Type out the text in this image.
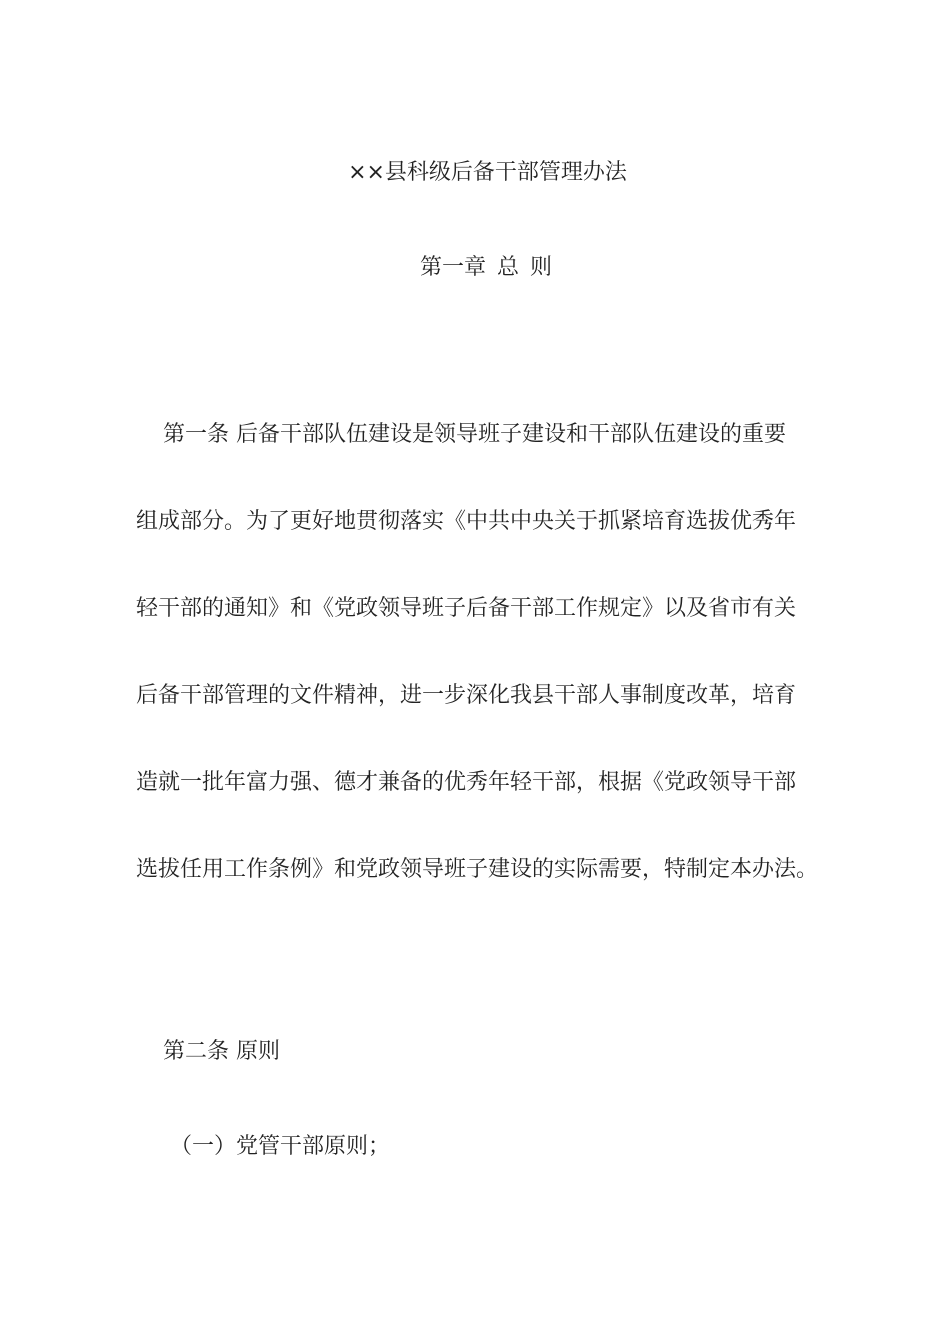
××县科级后备干部管理办法
第一章 总 则

第一条 后备干部队伍建设是领导班子建设和干部队伍建设的重要

组成部分。为了更好地贯彻落实《中共中央关于抓紧培育选拔优秀年

轻干部的通知》和《党政领导班子后备干部工作规定》以及省市有关

后备干部管理的文件精神，进一步深化我县干部人事制度改革，培育

造就一批年富力强、德才兼备的优秀年轻干部，根据《党政领导干部

选拔任用工作条例》和党政领导班子建设的实际需要，特制定本办法。

第二条 原则

（一）党管干部原则；
